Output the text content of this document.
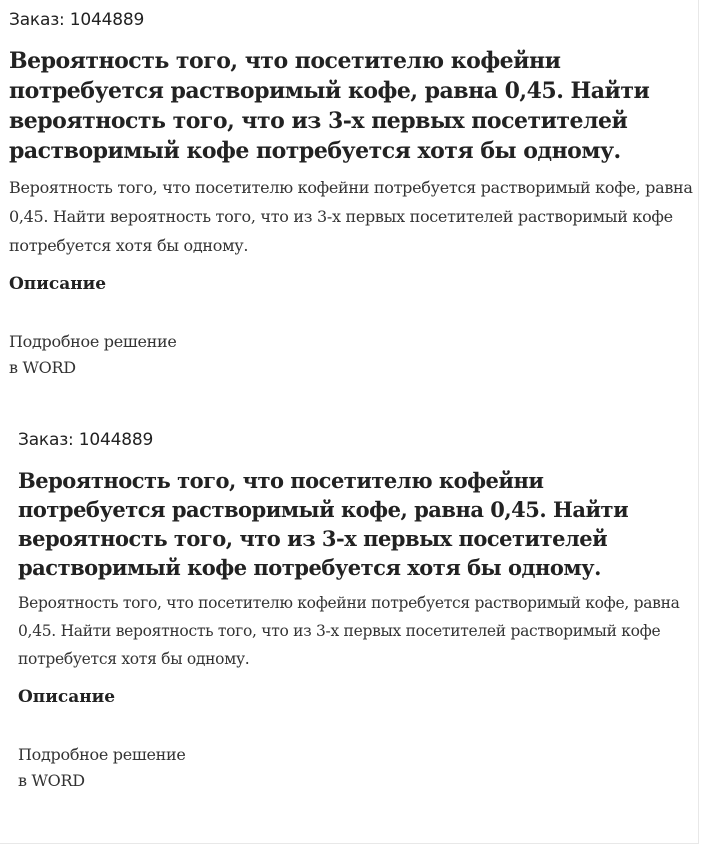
Заказ: 1044889

Вероятность того, что посетителю кофейни потребуется растворимый кофе, равна 0,45. Найти вероятность того, что из 3-х первых посетителей растворимый кофе потребуется хотя бы одному.

Вероятность того, что посетителю кофейни потребуется растворимый кофе, равна 0,45. Найти вероятность того, что из 3-х первых посетителей растворимый кофе потребуется хотя бы одному.

Описание

Подробное решение в WORD

Заказ: 1044889

Вероятность того, что посетителю кофейни потребуется растворимый кофе, равна 0,45. Найти вероятность того, что из 3-х первых посетителей растворимый кофе потребуется хотя бы одному.

Вероятность того, что посетителю кофейни потребуется растворимый кофе, равна 0,45. Найти вероятность того, что из 3-х первых посетителей растворимый кофе потребуется хотя бы одному.

Описание

Подробное решение в WORD
